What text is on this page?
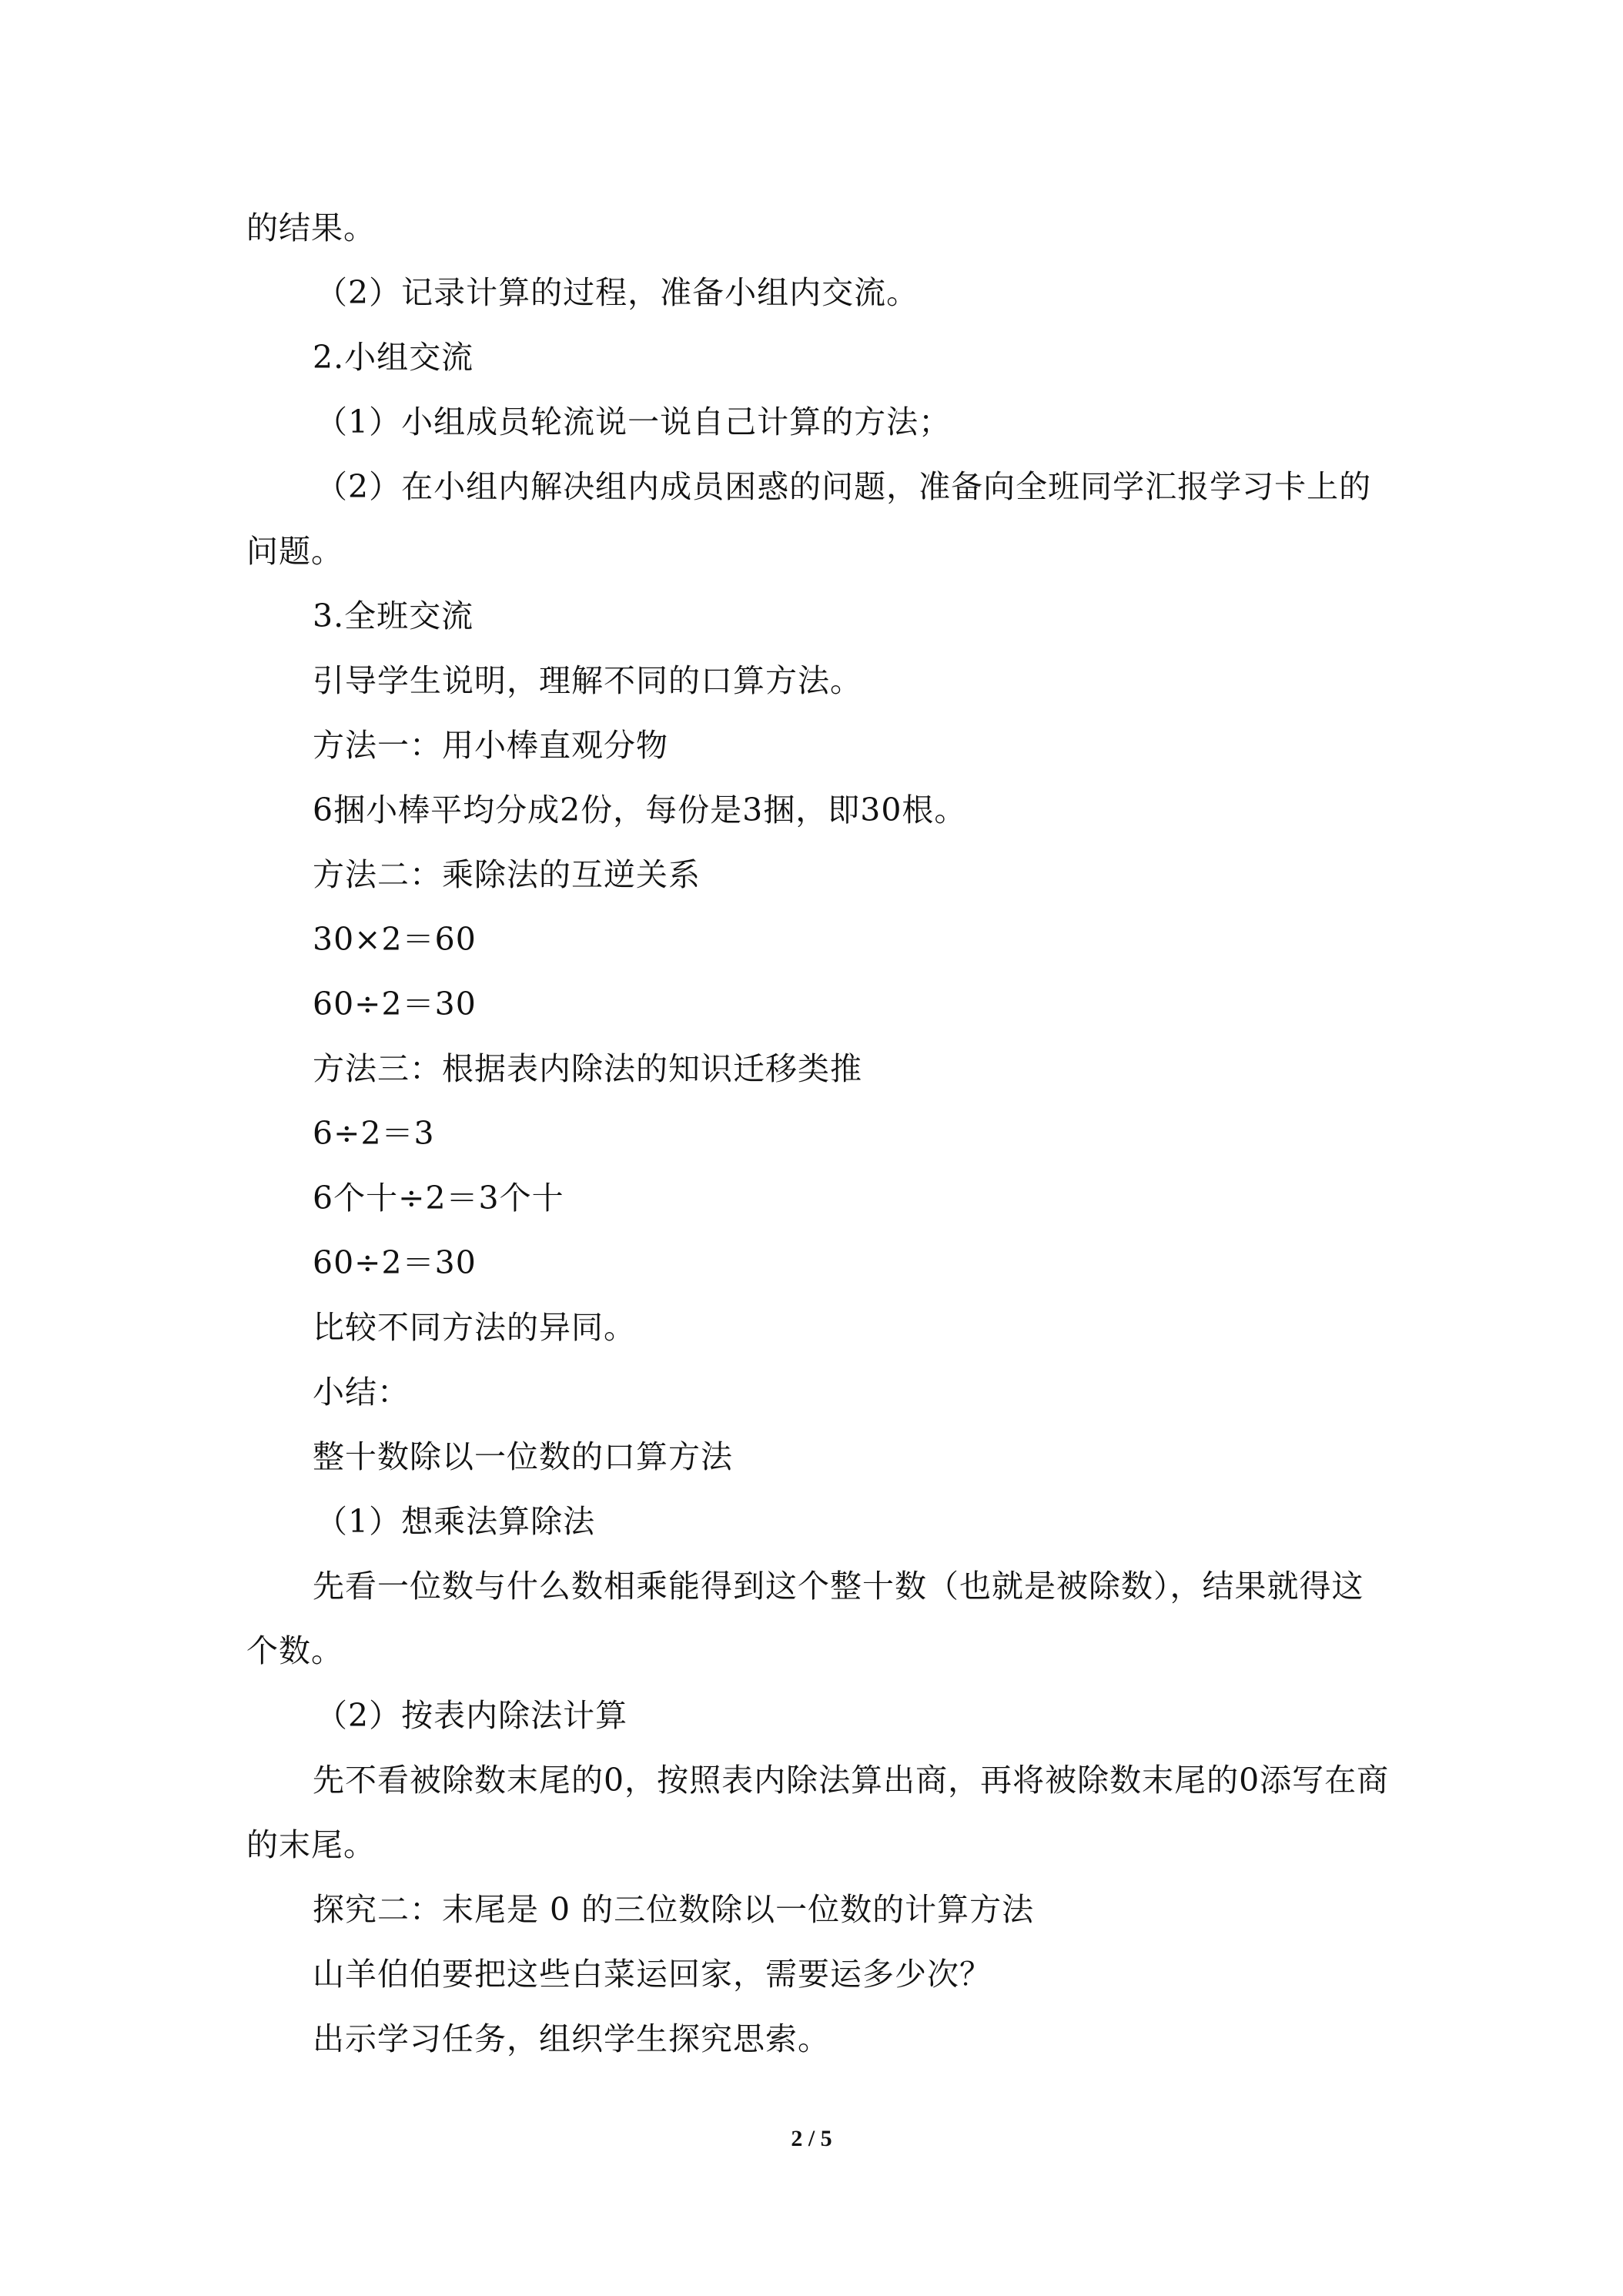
的结果。
（2）记录计算的过程，准备小组内交流。
2.小组交流
（1）小组成员轮流说一说自己计算的方法；
（2）在小组内解决组内成员困惑的问题，准备向全班同学汇报学习卡上的
问题。
3.全班交流
引导学生说明，理解不同的口算方法。
方法一：用小棒直观分物
6捆小棒平均分成2份，每份是3捆，即30根。
方法二：乘除法的互逆关系
30×2＝60
60÷2＝30
方法三：根据表内除法的知识迁移类推
6÷2＝3
6个十÷2＝3个十
60÷2＝30
比较不同方法的异同。
小结：
整十数除以一位数的口算方法
（1）想乘法算除法
先看一位数与什么数相乘能得到这个整十数（也就是被除数），结果就得这
个数。
（2）按表内除法计算
先不看被除数末尾的0，按照表内除法算出商，再将被除数末尾的0添写在商
的末尾。
探究二：末尾是 0 的三位数除以一位数的计算方法
山羊伯伯要把这些白菜运回家，需要运多少次？
出示学习任务，组织学生探究思索。
2 / 5
